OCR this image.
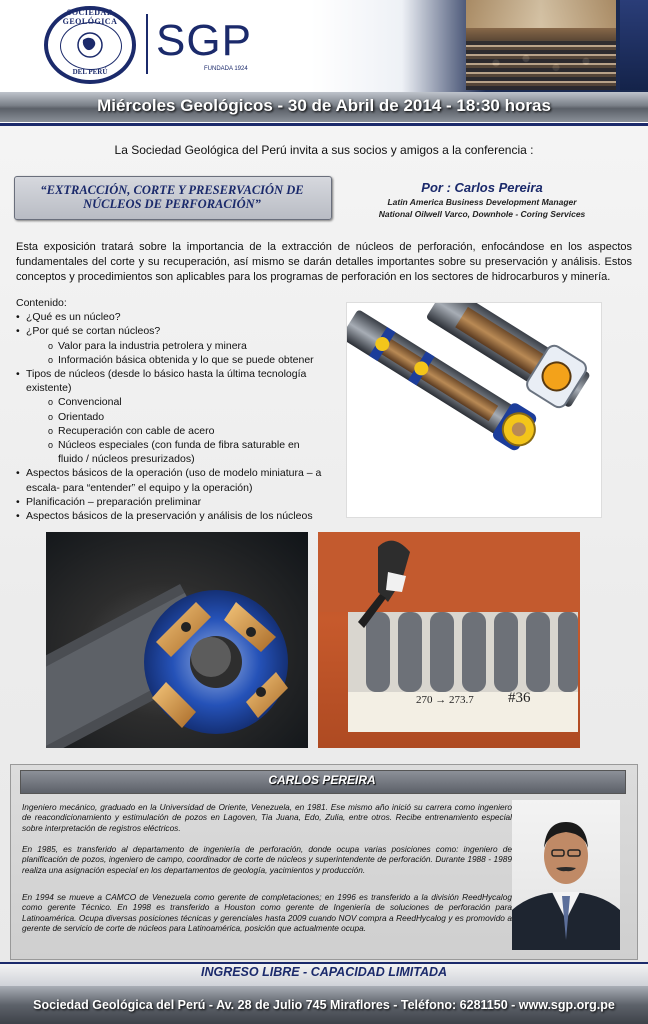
SOCIEDAD GEOLÓGICA
DEL PERÚ
SGP
FUNDADA 1924
Miércoles Geológicos - 30 de Abril de 2014 - 18:30 horas
La Sociedad Geológica del Perú invita a sus socios y amigos a la conferencia :
“EXTRACCIÓN, CORTE Y PRESERVACIÓN DE
NÚCLEOS DE PERFORACIÓN”
Por : Carlos Pereira
Latin America Business Development Manager
National Oilwell Varco, Downhole - Coring Services
Esta exposición tratará sobre la importancia de la extracción de núcleos de perforación, enfocándose en los aspectos fundamentales del corte y su recuperación, así mismo se darán detalles importantes sobre su preservación y análisis. Estos conceptos y procedimientos son aplicables para los programas de perforación en los sectores de hidrocarburos y minería.
Contenido:
• ¿Qué es un núcleo?
• ¿Por qué se cortan núcleos?
o Valor para la industria petrolera y minera
o Información básica obtenida y lo que se puede obtener
• Tipos de núcleos (desde lo básico hasta la última tecnología
existente)
o Convencional
o Orientado
o Recuperación con cable de acero
o Núcleos especiales (con funda de fibra saturable en
fluido / núcleos presurizados)
• Aspectos básicos de la operación (uso de modelo miniatura – a
escala- para “entender” el equipo y la operación)
• Planificación – preparación preliminar
• Aspectos básicos de la preservación y análisis de los núcleos
270 → 273.7 #36
CARLOS PEREIRA
Ingeniero mecánico, graduado en la Universidad de Oriente, Venezuela, en 1981. Ese mismo año inició su carrera como ingeniero de reacondicionamiento y estimulación de pozos en Lagoven, Tia Juana, Edo, Zulia, entre otros. Recibe entrenamiento especial sobre interpretación de registros eléctricos.
En 1985, es transferido al departamento de ingeniería de perforación, donde ocupa varias posiciones como: ingeniero de planificación de pozos, ingeniero de campo, coordinador de corte de núcleos y superintendente de perforación. Durante 1988 - 1989 realiza una asignación especial en los departamentos de geología, yacimientos y producción.
En 1994 se mueve a CAMCO de Venezuela como gerente de completaciones; en 1996 es transferido a la división ReedHycalog como gerente Técnico. En 1998 es transferido a Houston como gerente de Ingeniería de soluciones de perforación para Latinoamérica. Ocupa diversas posiciones técnicas y gerenciales hasta 2009 cuando NOV compra a ReedHycalog y es promovido a gerente de servicio de corte de núcleos para Latinoamérica, posición que actualmente ocupa.
INGRESO LIBRE - CAPACIDAD LIMITADA
Sociedad Geológica del Perú - Av. 28 de Julio 745 Miraflores - Teléfono: 6281150 - www.sgp.org.pe
